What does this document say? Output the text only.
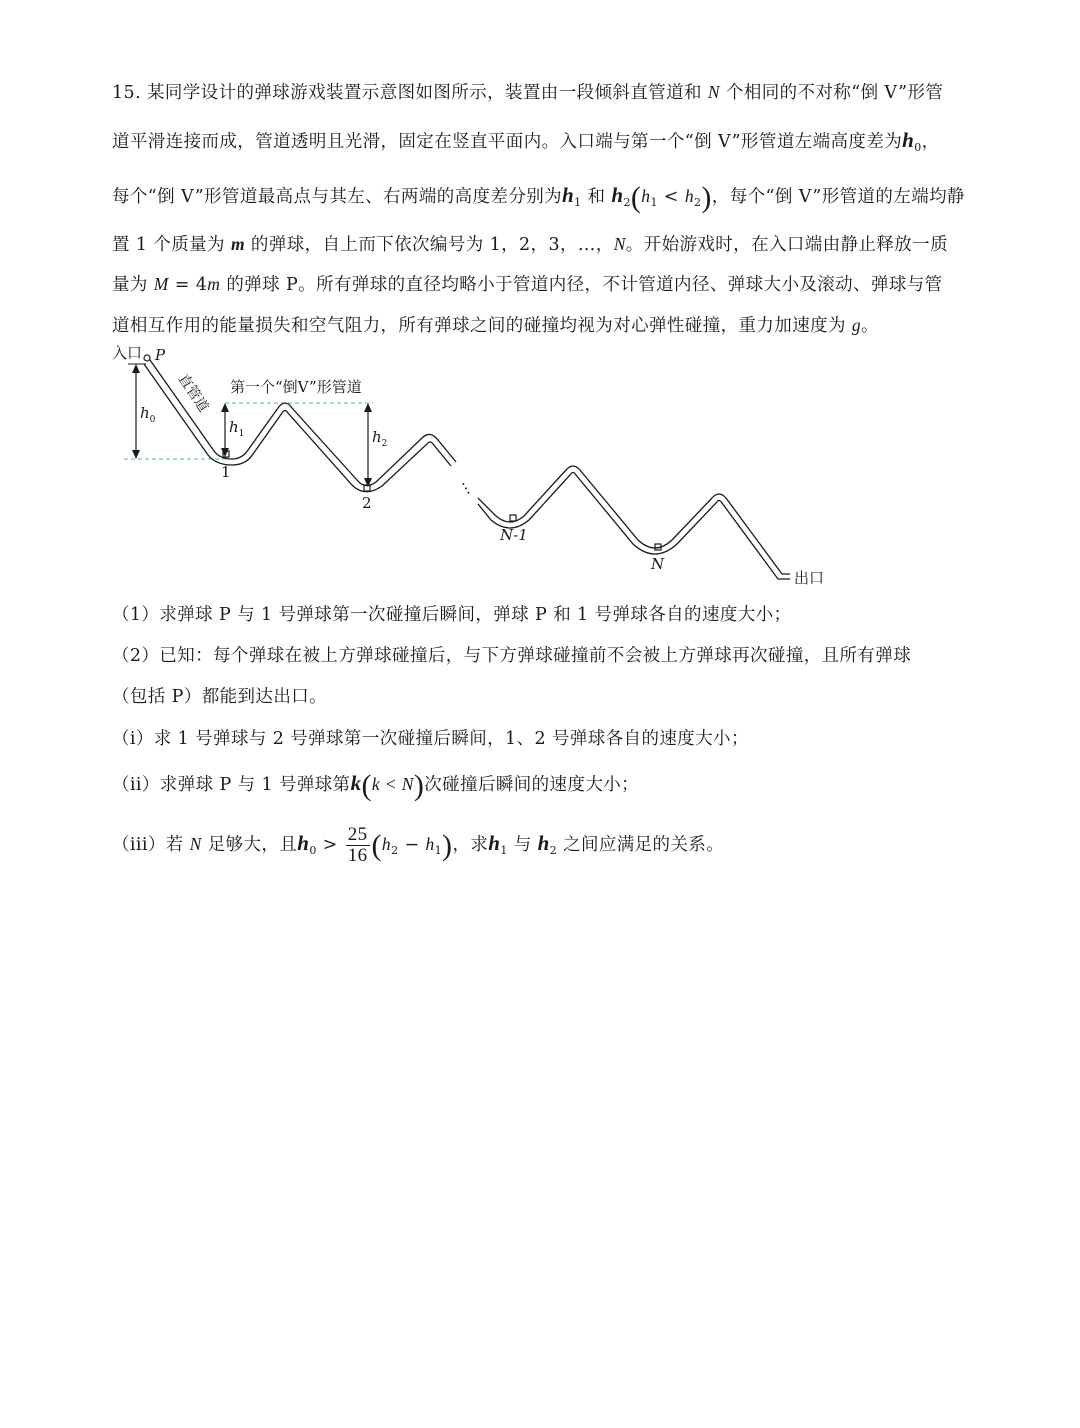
15. 某同学设计的弹球游戏装置示意图如图所示，装置由一段倾斜直管道和 N 个相同的不对称“倒 V”形管
道平滑连接而成，管道透明且光滑，固定在竖直平面内。入口端与第一个“倒 V”形管道左端高度差为$h_0$，
每个“倒 V”形管道最高点与其左、右两端的高度差分别为$h_1$ 和 $h_2(h_1 < h_2)$，每个“倒 V”形管道的左端均静
置 1 个质量为 m 的弹球，自上而下依次编号为 1，2，3，…，N。开始游戏时，在入口端由静止释放一质
量为 M = 4m 的弹球 P。所有弹球的直径均略小于管道内径，不计管道内径、弹球大小及滚动、弹球与管
道相互作用的能量损失和空气阻力，所有弹球之间的碰撞均视为对心弹性碰撞，重力加速度为 g。
入口 P
直管道 第一个“倒V”形管道
$h_0$	$h_1$	$h_2$
1
2
…
N-1
N
出口
（1）求弹球 P 与 1 号弹球第一次碰撞后瞬间，弹球 P 和 1 号弹球各自的速度大小；
（2）已知：每个弹球在被上方弹球碰撞后，与下方弹球碰撞前不会被上方弹球再次碰撞，且所有弹球
（包括 P）都能到达出口。
（i）求 1 号弹球与 2 号弹球第一次碰撞后瞬间，1、2 号弹球各自的速度大小；
（ii）求弹球 P 与 1 号弹球第k(k < N)次碰撞后瞬间的速度大小；
（iii）若 N 足够大，且$h_0 > \frac{25}{16} (h_2 - h_1)$，求$h_1$ 与 $h_2$ 之间应满足的关系。
